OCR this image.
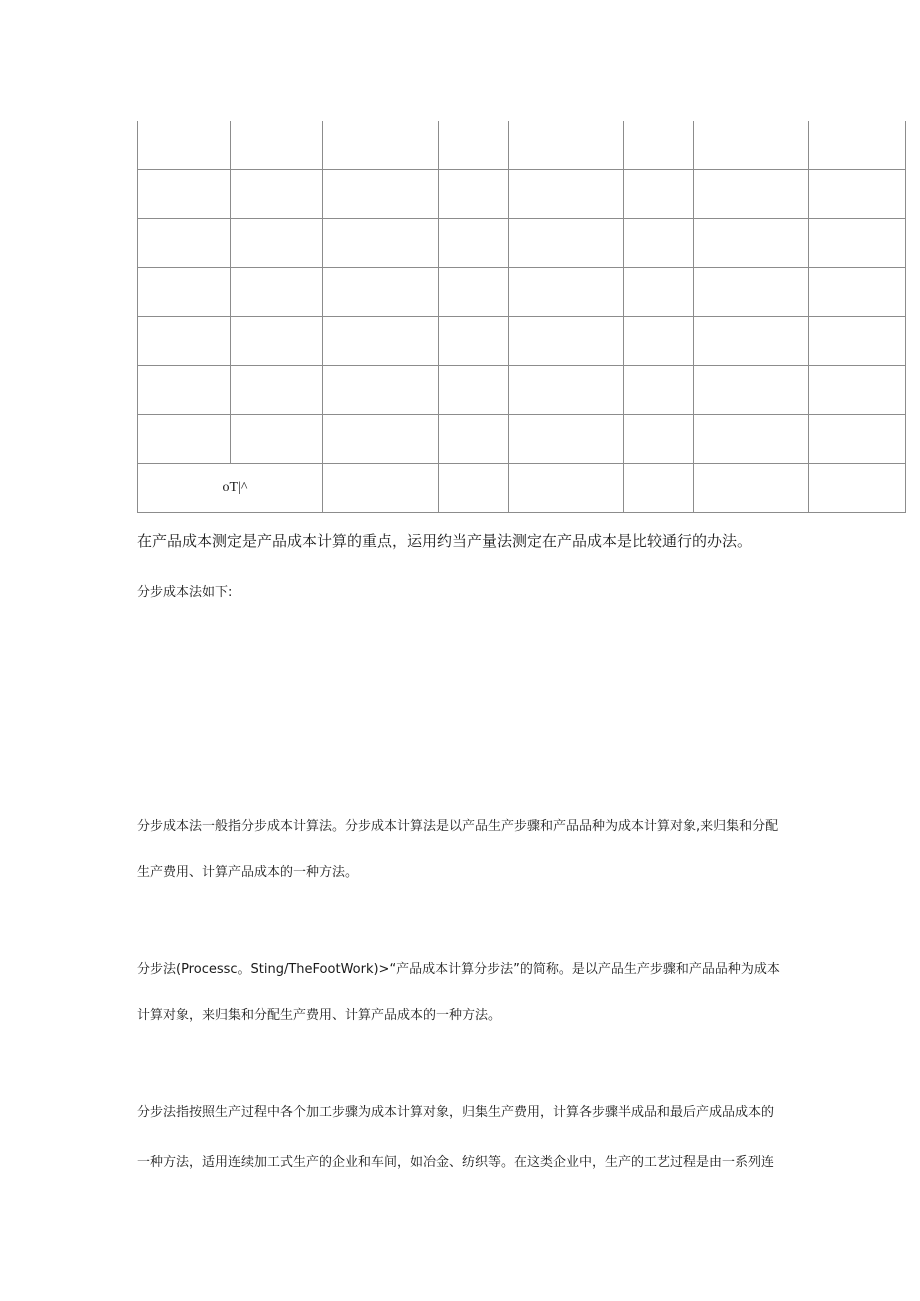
oT|^							

在产品成本测定是产品成本计算的重点，运用约当产量法测定在产品成本是比较通行的办法。

分步成本法如下:

分步成本法一般指分步成本计算法。分步成本计算法是以产品生产步骤和产品品种为成本计算对象,来归集和分配

生产费用、计算产品成本的一种方法。

分步法(Processc。Sting/TheFootWork)>“产品成本计算分步法”的简称。是以产品生产步骤和产品品种为成本

计算对象，来归集和分配生产费用、计算产品成本的一种方法。

分步法指按照生产过程中各个加工步骤为成本计算对象，归集生产费用，计算各步骤半成品和最后产成品成本的

一种方法，适用连续加工式生产的企业和车间，如冶金、纺织等。在这类企业中，生产的工艺过程是由一系列连
